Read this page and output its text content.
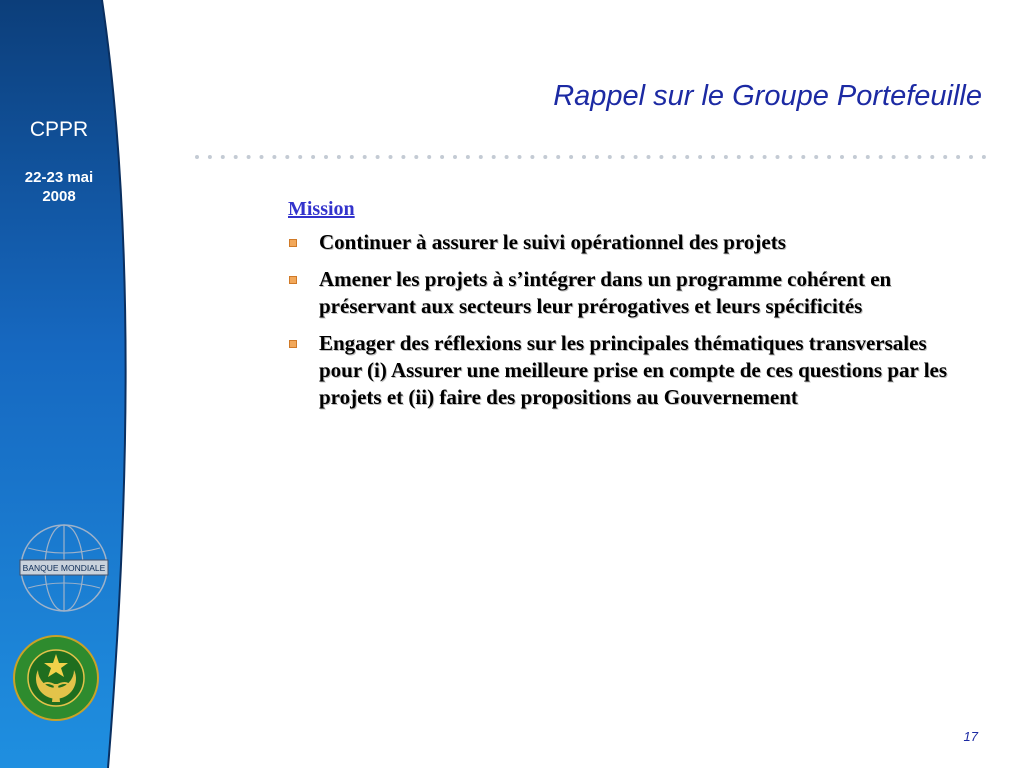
CPPR
22-23 mai
2008
BANQUE MONDIALE
Rappel sur le Groupe Portefeuille
Mission
Continuer à assurer le suivi opérationnel des projets
Amener les projets à s’intégrer dans un programme cohérent en préservant aux secteurs leur prérogatives et leurs spécificités
Engager des réflexions sur les principales thématiques transversales pour (i) Assurer une meilleure prise en compte de ces questions par les projets et (ii) faire des propositions au Gouvernement
17
